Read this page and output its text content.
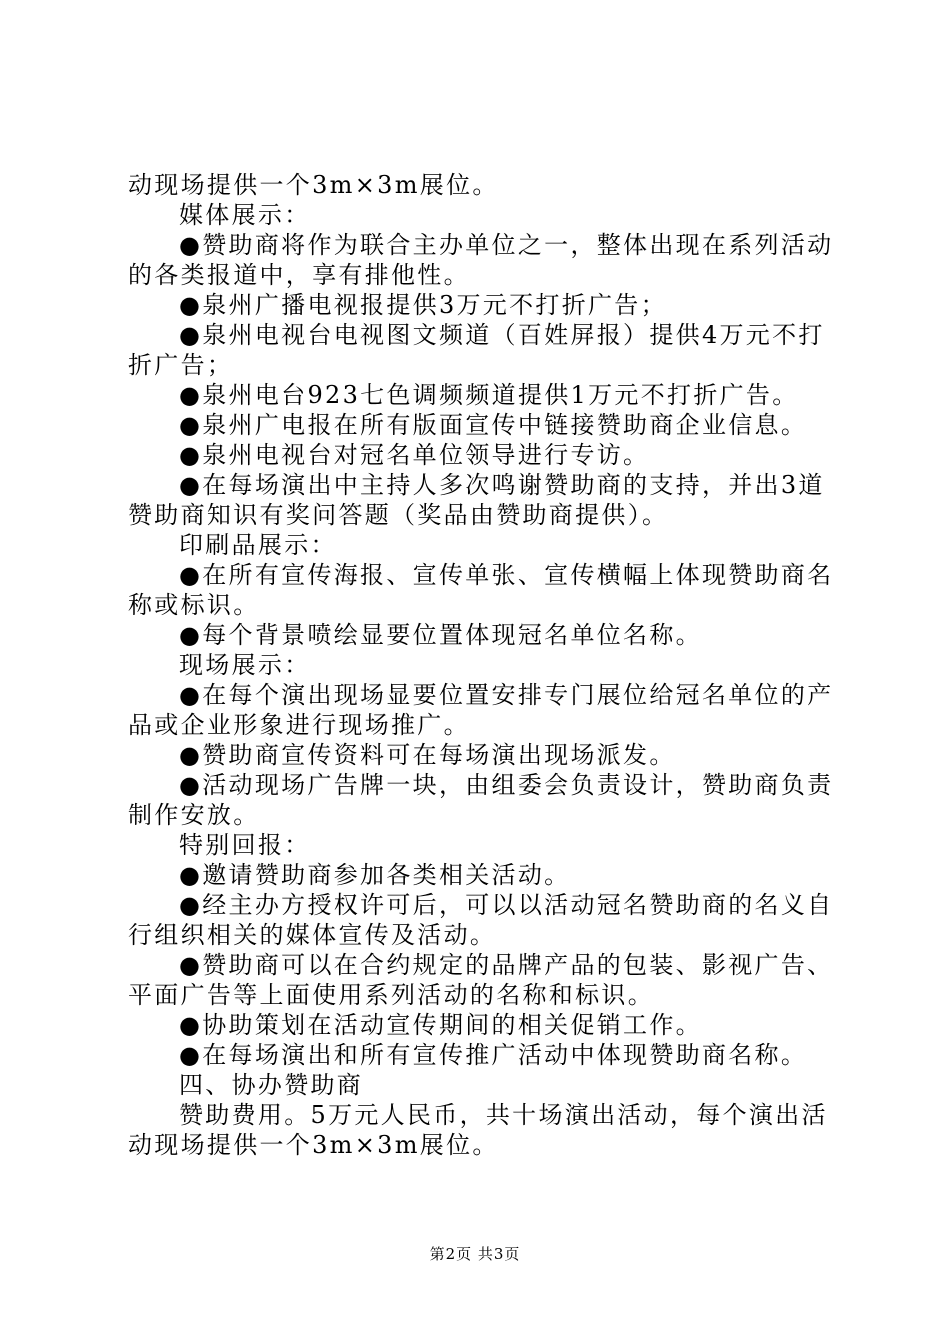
动现场提供一个3m×3m展位。

媒体展示：

●赞助商将作为联合主办单位之一，整体出现在系列活动的各类报道中，享有排他性。

●泉州广播电视报提供3万元不打折广告；

●泉州电视台电视图文频道（百姓屏报）提供4万元不打折广告；

●泉州电台923七色调频频道提供1万元不打折广告。

●泉州广电报在所有版面宣传中链接赞助商企业信息。

●泉州电视台对冠名单位领导进行专访。

●在每场演出中主持人多次鸣谢赞助商的支持，并出3道赞助商知识有奖问答题（奖品由赞助商提供）。

印刷品展示：

●在所有宣传海报、宣传单张、宣传横幅上体现赞助商名称或标识。

●每个背景喷绘显要位置体现冠名单位名称。

现场展示：

●在每个演出现场显要位置安排专门展位给冠名单位的产品或企业形象进行现场推广。

●赞助商宣传资料可在每场演出现场派发。

●活动现场广告牌一块，由组委会负责设计，赞助商负责制作安放。

特别回报：

●邀请赞助商参加各类相关活动。

●经主办方授权许可后，可以以活动冠名赞助商的名义自行组织相关的媒体宣传及活动。

●赞助商可以在合约规定的品牌产品的包装、影视广告、平面广告等上面使用系列活动的名称和标识。

●协助策划在活动宣传期间的相关促销工作。

●在每场演出和所有宣传推广活动中体现赞助商名称。

四、协办赞助商

赞助费用。5万元人民币，共十场演出活动，每个演出活动现场提供一个3m×3m展位。

第2页 共3页
